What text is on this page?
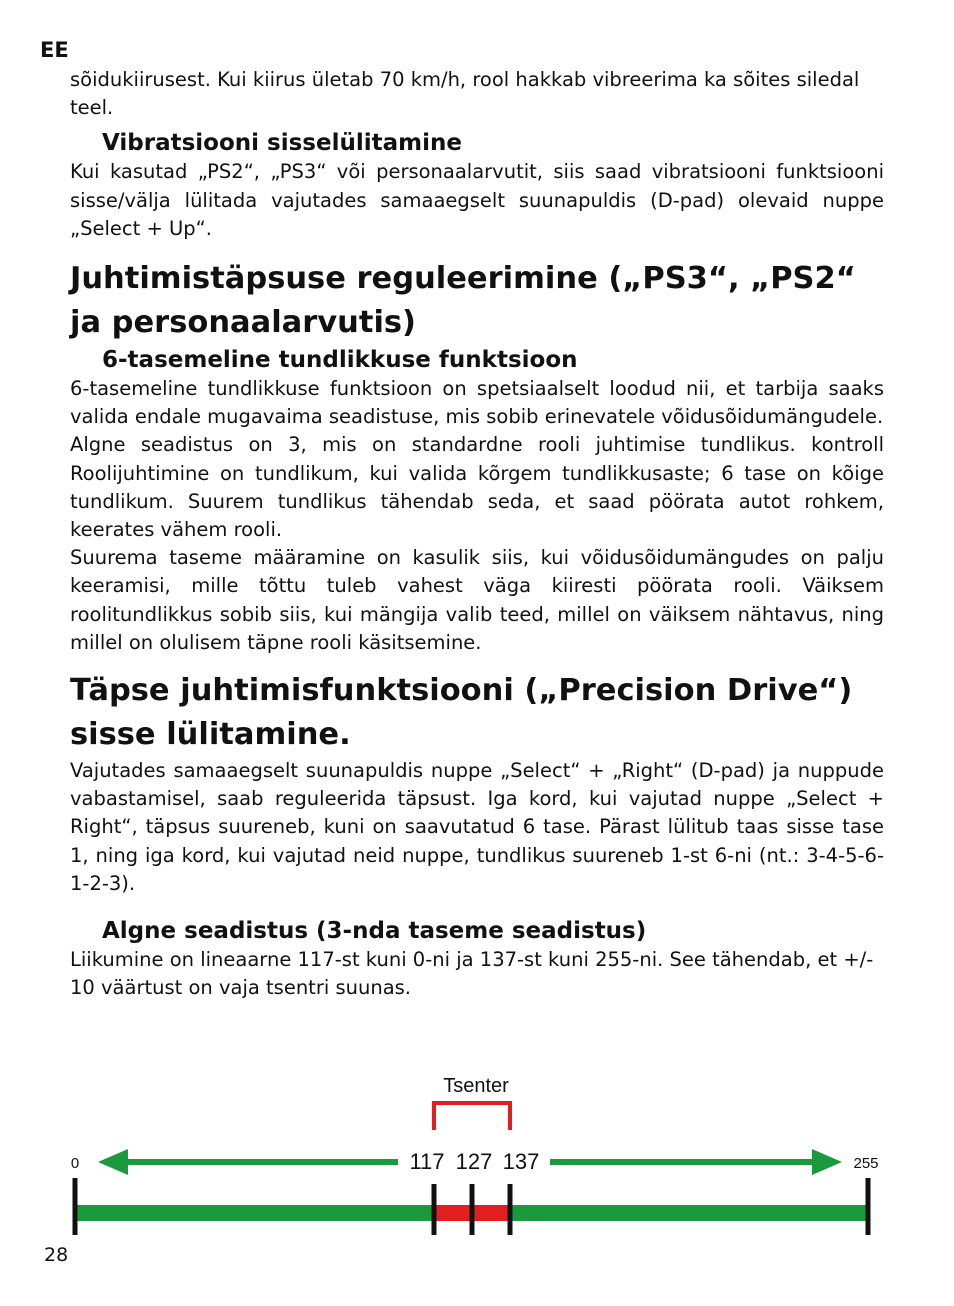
EE

sõidukiirusest. Kui kiirus ületab 70 km/h, rool hakkab vibreerima ka sõites siledal teel.

Vibratsiooni sisselülitamine

Kui kasutad „PS2“, „PS3“ või personaalarvutit, siis saad vibratsiooni funktsiooni sisse/välja lülitada vajutades samaaegselt suunapuldis (D-pad) olevaid nuppe „Select + Up“.

Juhtimistäpsuse reguleerimine („PS3“, „PS2“ ja personaalarvutis)
6-tasemeline tundlikkuse funktsioon

6-tasemeline tundlikkuse funktsioon on spetsiaalselt loodud nii, et tarbija saaks valida endale mugavaima seadistuse, mis sobib erinevatele võidusõidumängudele.

Algne seadistus on 3, mis on standardne rooli juhtimise tundlikus. kontroll Roolijuhtimine on tundlikum, kui valida kõrgem tundlikkusaste; 6 tase on kõige tundlikum. Suurem tundlikus tähendab seda, et saad pöörata autot rohkem, keerates vähem rooli.

Suurema taseme määramine on kasulik siis, kui võidusõidumängudes on palju keeramisi, mille tõttu tuleb vahest väga kiiresti pöörata rooli. Väiksem roolitundlikkus sobib siis, kui mängija valib teed, millel on väiksem nähtavus, ning millel on olulisem täpne rooli käsitsemine.

Täpse juhtimisfunktsiooni („Precision Drive“) sisse lülitamine.

Vajutades samaaegselt suunapuldis nuppe „Select“ + „Right“ (D-pad) ja nuppude vabastamisel, saab reguleerida täpsust. Iga kord, kui vajutad nuppe „Select + Right“, täpsus suureneb, kuni on saavutatud 6 tase. Pärast lülitub taas sisse tase 1, ning iga kord, kui vajutad neid nuppe, tundlikus suureneb 1-st 6-ni (nt.: 3-4-5-6-1-2-3).

Algne seadistus (3-nda taseme seadistus)

Liikumine on lineaarne 117-st kuni 0-ni ja 137-st kuni 255-ni. See tähendab, et +/- 10 väärtust on vaja tsentri suunas.

Tsenter
0	255
117 127 137
28
